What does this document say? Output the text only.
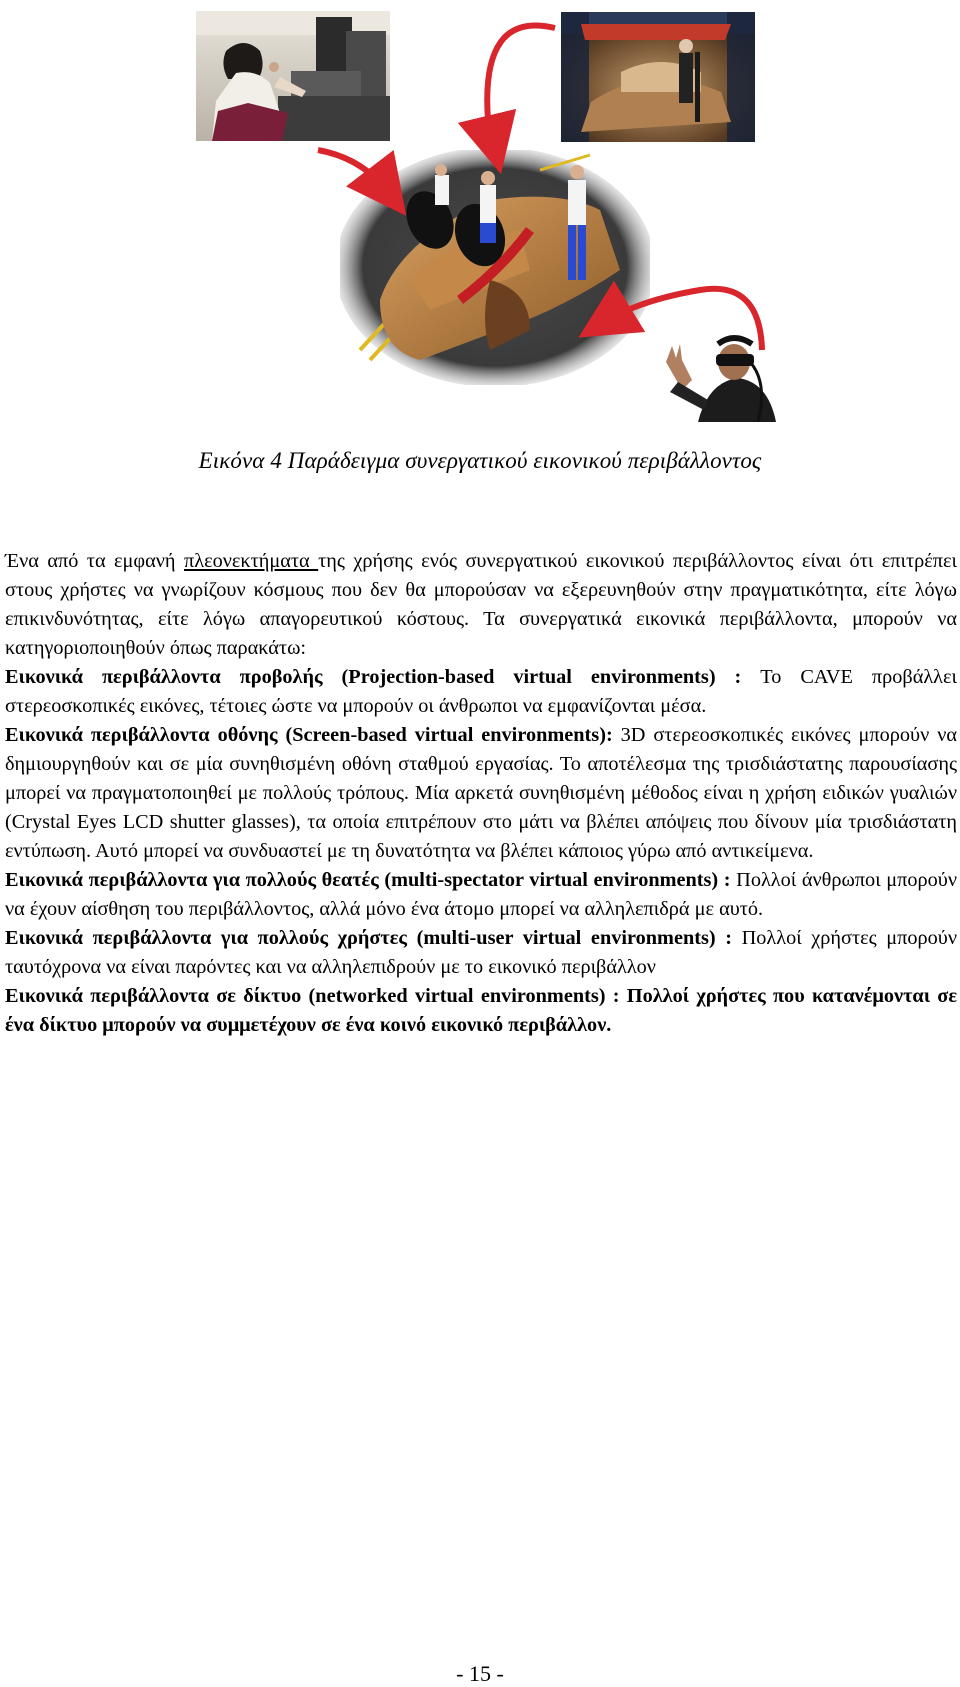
Εικόνα 4 Παράδειγμα συνεργατικού εικονικού περιβάλλοντος

Ένα από τα εμφανή πλεονεκτήματα της χρήσης ενός συνεργατικού εικονικού περιβάλλοντος είναι ότι επιτρέπει στους χρήστες να γνωρίζουν κόσμους που δεν θα μπορούσαν να εξερευνηθούν στην πραγματικότητα, είτε λόγω επικινδυνότητας, είτε λόγω απαγορευτικού κόστους. Τα συνεργατικά εικονικά περιβάλλοντα, μπορούν να κατηγοριοποιηθούν όπως παρακάτω:

Εικονικά περιβάλλοντα προβολής (Projection-based virtual environments) : To CAVE προβάλλει στερεοσκοπικές εικόνες, τέτοιες ώστε να μπορούν οι άνθρωποι να εμφανίζονται μέσα.

Εικονικά περιβάλλοντα οθόνης (Screen-based virtual environments): 3D στερεοσκοπικές εικόνες μπορούν να δημιουργηθούν και σε μία συνηθισμένη οθόνη σταθμού εργασίας. Το αποτέλεσμα της τρισδιάστατης παρουσίασης μπορεί να πραγματοποιηθεί με πολλούς τρόπους. Μία αρκετά συνηθισμένη μέθοδος είναι η χρήση ειδικών γυαλιών (Crystal Eyes LCD shutter glasses), τα οποία επιτρέπουν στο μάτι να βλέπει απόψεις που δίνουν μία τρισδιάστατη εντύπωση. Αυτό μπορεί να συνδυαστεί με τη δυνατότητα να βλέπει κάποιος γύρω από αντικείμενα.

Εικονικά περιβάλλοντα για πολλούς θεατές (multi-spectator virtual environments) : Πολλοί άνθρωποι μπορούν να έχουν αίσθηση του περιβάλλοντος, αλλά μόνο ένα άτομο μπορεί να αλληλεπιδρά με αυτό.

Εικονικά περιβάλλοντα για πολλούς χρήστες (multi-user virtual environments) : Πολλοί χρήστες μπορούν ταυτόχρονα να είναι παρόντες και να αλληλεπιδρούν με το εικονικό περιβάλλον

Εικονικά περιβάλλοντα σε δίκτυο (networked virtual environments) : Πολλοί χρήστες που κατανέμονται σε ένα δίκτυο μπορούν να συμμετέχουν σε ένα κοινό εικονικό περιβάλλον.

- 15 -
